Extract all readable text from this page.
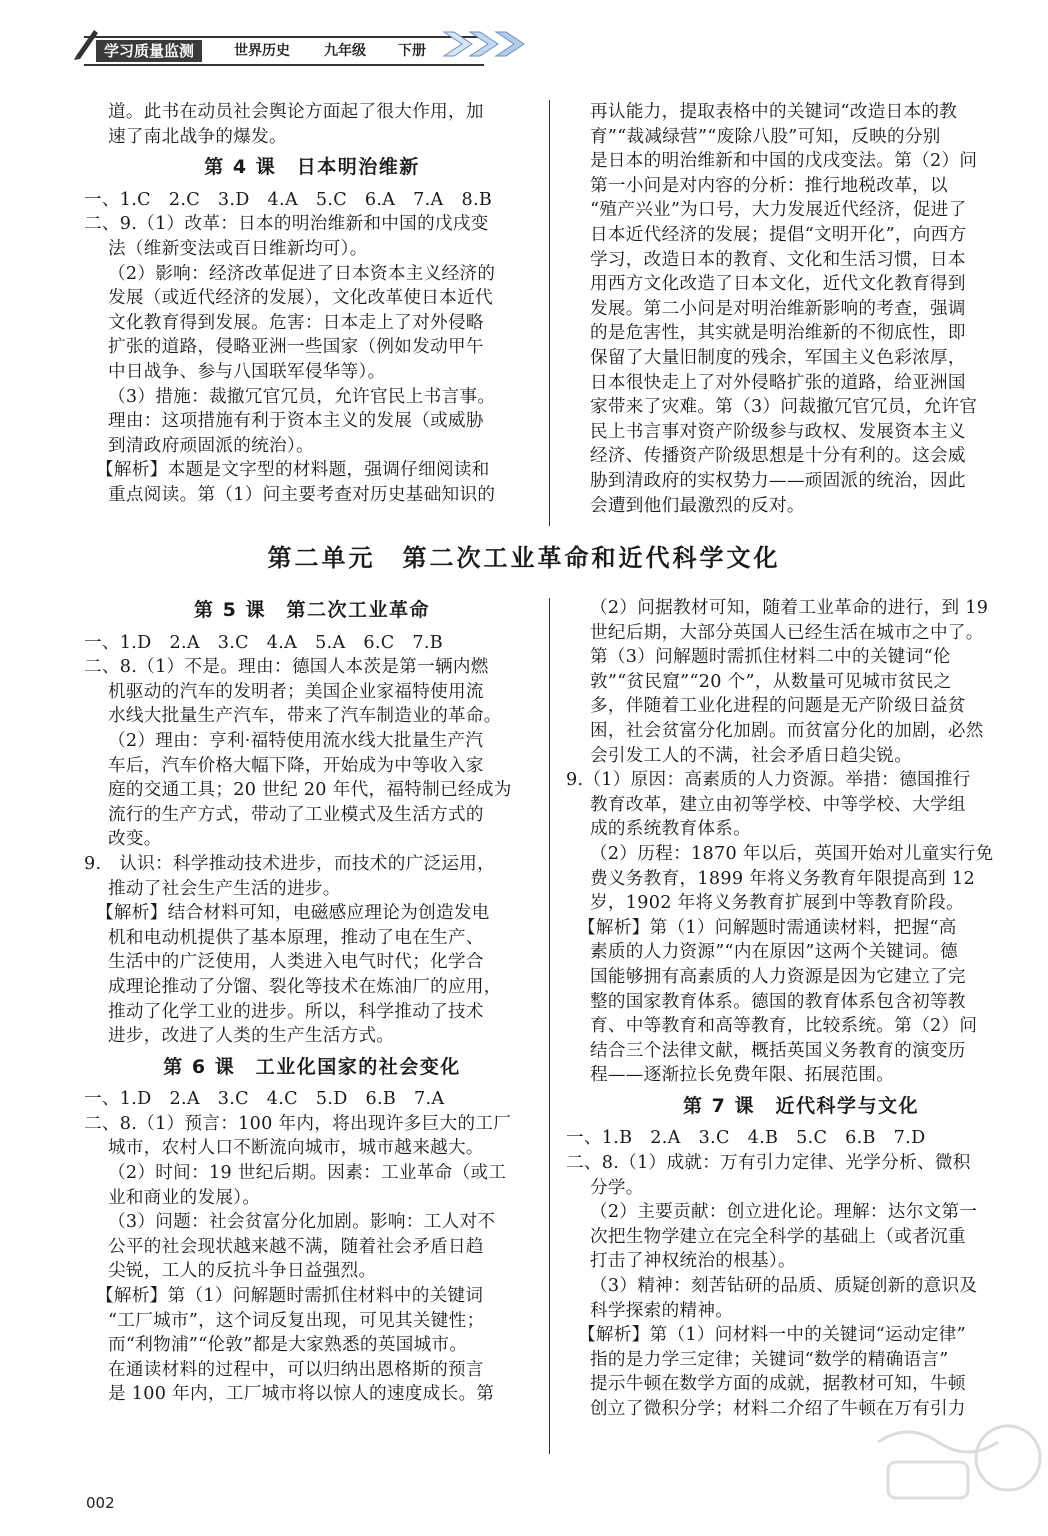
学习质量监测	世界历史 九年级 下册

道。此书在动员社会舆论方面起了很大作用，加

速了南北战争的爆发。

第 4 课　日本明治维新

一、1.C　2.C　3.D　4.A　5.C　6.A　7.A　8.B

二、9.（1）改革：日本的明治维新和中国的戊戌变

法（维新变法或百日维新均可）。

（2）影响：经济改革促进了日本资本主义经济的

发展（或近代经济的发展），文化改革使日本近代

文化教育得到发展。危害：日本走上了对外侵略

扩张的道路，侵略亚洲一些国家（例如发动甲午

中日战争、参与八国联军侵华等）。

（3）措施：裁撤冗官冗员，允许官民上书言事。

理由：这项措施有利于资本主义的发展（或威胁

到清政府顽固派的统治）。

【解析】本题是文字型的材料题，强调仔细阅读和

重点阅读。第（1）问主要考查对历史基础知识的

再认能力，提取表格中的关键词“改造日本的教

育”“裁减绿营”“废除八股”可知，反映的分别

是日本的明治维新和中国的戊戌变法。第（2）问

第一小问是对内容的分析：推行地税改革，以

“殖产兴业”为口号，大力发展近代经济，促进了

日本近代经济的发展；提倡“文明开化”，向西方

学习，改造日本的教育、文化和生活习惯，日本

用西方文化改造了日本文化，近代文化教育得到

发展。第二小问是对明治维新影响的考查，强调

的是危害性，其实就是明治维新的不彻底性，即

保留了大量旧制度的残余，军国主义色彩浓厚，

日本很快走上了对外侵略扩张的道路，给亚洲国

家带来了灾难。第（3）问裁撤冗官冗员，允许官

民上书言事对资产阶级参与政权、发展资本主义

经济、传播资产阶级思想是十分有利的。这会威

胁到清政府的实权势力——顽固派的统治，因此

会遭到他们最激烈的反对。

第二单元　第二次工业革命和近代科学文化

第 5 课　第二次工业革命

一、1.D　2.A　3.C　4.A　5.A　6.C　7.B

二、8.（1）不是。理由：德国人本茨是第一辆内燃

机驱动的汽车的发明者；美国企业家福特使用流

水线大批量生产汽车，带来了汽车制造业的革命。

（2）理由：亨利·福特使用流水线大批量生产汽

车后，汽车价格大幅下降，开始成为中等收入家

庭的交通工具；20 世纪 20 年代，福特制已经成为

流行的生产方式，带动了工业模式及生活方式的

改变。

9.　认识：科学推动技术进步，而技术的广泛运用，

推动了社会生产生活的进步。

【解析】结合材料可知，电磁感应理论为创造发电

机和电动机提供了基本原理，推动了电在生产、

生活中的广泛使用，人类进入电气时代；化学合

成理论推动了分馏、裂化等技术在炼油厂的应用，

推动了化学工业的进步。所以，科学推动了技术

进步，改进了人类的生产生活方式。

第 6 课　工业化国家的社会变化

一、1.D　2.A　3.C　4.C　5.D　6.B　7.A

二、8.（1）预言：100 年内，将出现许多巨大的工厂

城市，农村人口不断流向城市，城市越来越大。

（2）时间：19 世纪后期。因素：工业革命（或工

业和商业的发展）。

（3）问题：社会贫富分化加剧。影响：工人对不

公平的社会现状越来越不满，随着社会矛盾日趋

尖锐，工人的反抗斗争日益强烈。

【解析】第（1）问解题时需抓住材料中的关键词

“工厂城市”，这个词反复出现，可见其关键性；

而“利物浦”“伦敦”都是大家熟悉的英国城市。

在通读材料的过程中，可以归纳出恩格斯的预言

是 100 年内，工厂城市将以惊人的速度成长。第

（2）问据教材可知，随着工业革命的进行，到 19

世纪后期，大部分英国人已经生活在城市之中了。

第（3）问解题时需抓住材料二中的关键词“伦

敦”“贫民窟”“20 个”，从数量可见城市贫民之

多，伴随着工业化进程的问题是无产阶级日益贫

困，社会贫富分化加剧。而贫富分化的加剧，必然

会引发工人的不满，社会矛盾日趋尖锐。

9.（1）原因：高素质的人力资源。举措：德国推行

教育改革，建立由初等学校、中等学校、大学组

成的系统教育体系。

（2）历程：1870 年以后，英国开始对儿童实行免

费义务教育，1899 年将义务教育年限提高到 12

岁，1902 年将义务教育扩展到中等教育阶段。

【解析】第（1）问解题时需通读材料，把握“高

素质的人力资源”“内在原因”这两个关键词。德

国能够拥有高素质的人力资源是因为它建立了完

整的国家教育体系。德国的教育体系包含初等教

育、中等教育和高等教育，比较系统。第（2）问

结合三个法律文献，概括英国义务教育的演变历

程——逐渐拉长免费年限、拓展范围。

第 7 课　近代科学与文化

一、1.B　2.A　3.C　4.B　5.C　6.B　7.D

二、8.（1）成就：万有引力定律、光学分析、微积

分学。

（2）主要贡献：创立进化论。理解：达尔文第一

次把生物学建立在完全科学的基础上（或者沉重

打击了神权统治的根基）。

（3）精神：刻苦钻研的品质、质疑创新的意识及

科学探索的精神。

【解析】第（1）问材料一中的关键词“运动定律”

指的是力学三定律；关键词“数学的精确语言”

提示牛顿在数学方面的成就，据教材可知，牛顿

创立了微积分学；材料二介绍了牛顿在万有引力

002
